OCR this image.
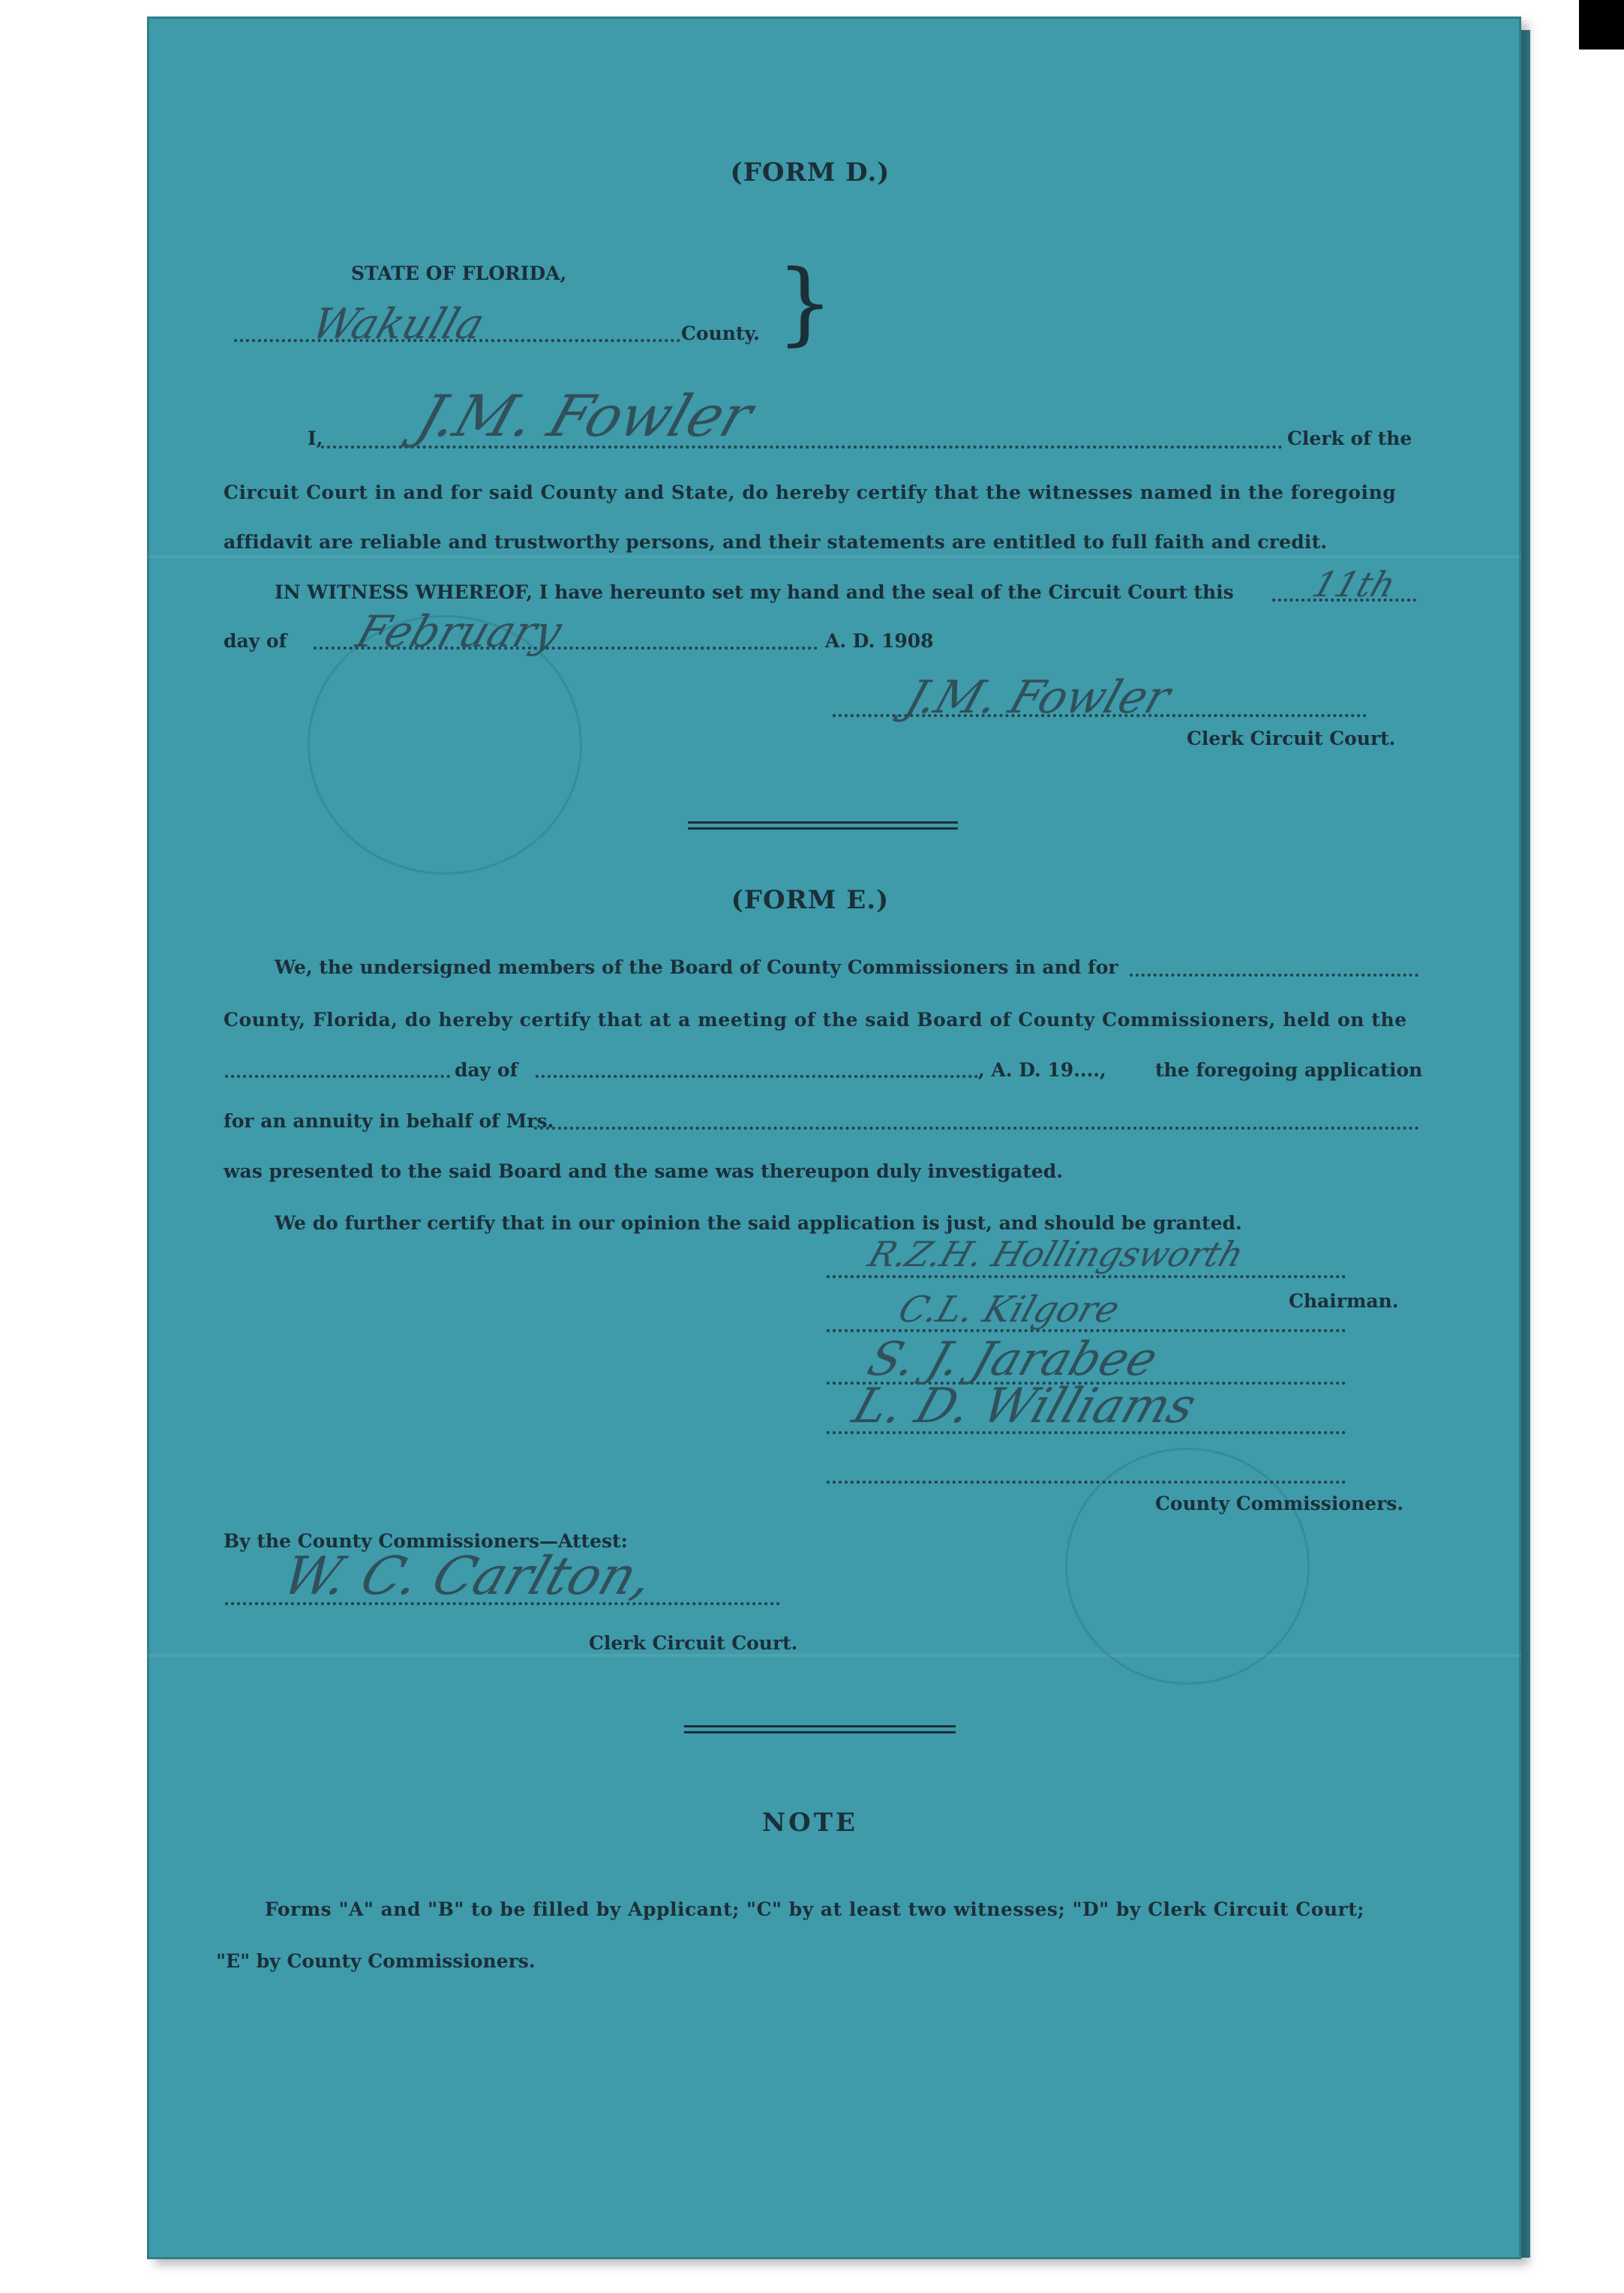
(FORM D.)
STATE OF FLORIDA,
Wakulla	County. }
I, J.M. Fowler	Clerk of the
Circuit Court in and for said County and State, do hereby certify that the witnesses named in the foregoing
affidavit are reliable and trustworthy persons, and their statements are entitled to full faith and credit.
IN WITNESS WHEREOF, I have hereunto set my hand and the seal of the Circuit Court this 11th
day of February	A. D. 1908
J.M. Fowler
Clerk Circuit Court.
(FORM E.)
We, the undersigned members of the Board of County Commissioners in and for
County, Florida, do hereby certify that at a meeting of the said Board of County Commissioners, held on the
day of	, A. D. 19....,	the foregoing application
for an annuity in behalf of Mrs.
was presented to the said Board and the same was thereupon duly investigated.
We do further certify that in our opinion the said application is just, and should be granted.
R.Z.H. Hollingsworth
Chairman.
C.L. Kilgore
S. J. Jarabee
L. D. Williams
County Commissioners.
By the County Commissioners—Attest:
W. C. Carlton,
Clerk Circuit Court.
NOTE
Forms "A" and "B" to be filled by Applicant; "C" by at least two witnesses; "D" by Clerk Circuit Court;
"E" by County Commissioners.
